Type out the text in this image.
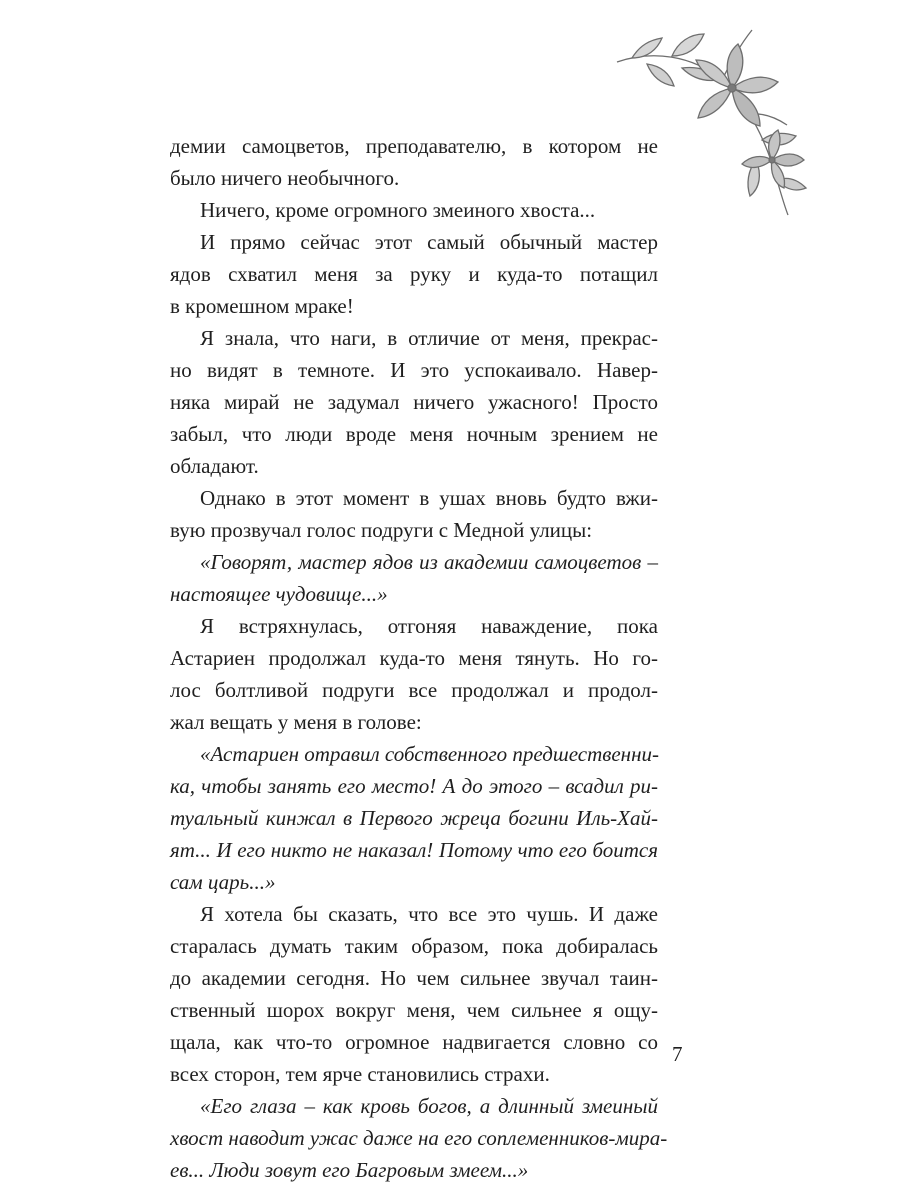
демии самоцветов, преподавателю, в котором не
было ничего необычного.
Ничего, кроме огромного змеиного хвоста...
И прямо сейчас этот самый обычный мастер
ядов схватил меня за руку и куда-то потащил
в кромешном мраке!
Я знала, что наги, в отличие от меня, прекрас-
но видят в темноте. И это успокаивало. Навер-
няка мирай не задумал ничего ужасного! Просто
забыл, что люди вроде меня ночным зрением не
обладают.
Однако в этот момент в ушах вновь будто вжи-
вую прозвучал голос подруги с Медной улицы:
«Говорят, мастер ядов из академии самоцветов –
настоящее чудовище...»
Я встряхнулась, отгоняя наваждение, пока
Астариен продолжал куда-то меня тянуть. Но го-
лос болтливой подруги все продолжал и продол-
жал вещать у меня в голове:
«Астариен отравил собственного предшественни-
ка, чтобы занять его место! А до этого – всадил ри-
туальный кинжал в Первого жреца богини Иль-Хай-
ят... И его никто не наказал! Потому что его боится
сам царь...»
Я хотела бы сказать, что все это чушь. И даже
старалась думать таким образом, пока добиралась
до академии сегодня. Но чем сильнее звучал таин-
ственный шорох вокруг меня, чем сильнее я ощу-
щала, как что-то огромное надвигается словно со
всех сторон, тем ярче становились страхи.
«Его глаза – как кровь богов, а длинный змеиный
хвост наводит ужас даже на его соплеменников-мира-
ев... Люди зовут его Багровым змеем...»
7
